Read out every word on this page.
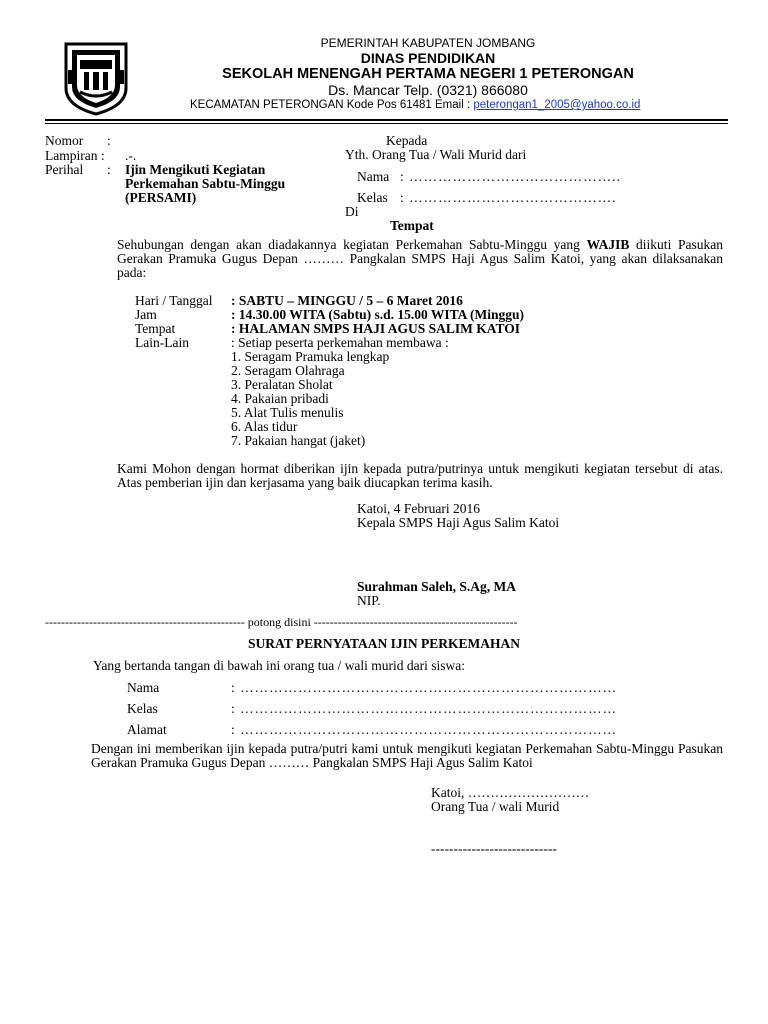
PEMERINTAH KABUPATEN JOMBANG
DINAS PENDIDIKAN
SEKOLAH MENENGAH PERTAMA NEGERI 1 PETERONGAN
Ds. Mancar Telp. (0321) 866080
KECAMATAN PETERONGAN Kode Pos 61481 Email : peterongan1_2005@yahoo.co.id
Nomor :
Lampiran : .-.
Perihal : Ijin Mengikuti Kegiatan
Perkemahan Sabtu-Minggu
(PERSAMI)
Kepada
Yth. Orang Tua / Wali Murid dari
Nama : ……………………………………..
Kelas : …………………………………….
Di
Tempat
Sehubungan dengan akan diadakannya kegiatan Perkemahan Sabtu-Minggu yang WAJIB diikuti Pasukan Gerakan Pramuka Gugus Depan ……… Pangkalan SMPS Haji Agus Salim Katoi, yang akan dilaksanakan pada:
Hari / Tanggal : SABTU – MINGGU / 5 – 6 Maret 2016
Jam	: 14.30.00 WITA (Sabtu) s.d. 15.00 WITA (Minggu)
Tempat	: HALAMAN SMPS HAJI AGUS SALIM KATOI
Lain-Lain	: Setiap peserta perkemahan membawa :
1. Seragam Pramuka lengkap
2. Seragam Olahraga
3. Peralatan Sholat
4. Pakaian pribadi
5. Alat Tulis menulis
6. Alas tidur
7. Pakaian hangat (jaket)
Kami Mohon dengan hormat diberikan ijin kepada putra/putrinya untuk mengikuti kegiatan tersebut di atas. Atas pemberian ijin dan kerjasama yang baik diucapkan terima kasih.
Katoi, 4 Februari 2016
Kepala SMPS Haji Agus Salim Katoi
Surahman Saleh, S.Ag, MA
NIP.
-------------------------------------------------- potong disini ---------------------------------------------------
SURAT PERNYATAAN IJIN PERKEMAHAN
Yang bertanda tangan di bawah ini orang tua / wali murid dari siswa:
Nama	: ……………………………………………………………………
Kelas	: ……………………………………………………………………
Alamat	: ……………………………………………………………………
Dengan ini memberikan ijin kepada putra/putri kami untuk mengikuti kegiatan Perkemahan Sabtu-Minggu Pasukan Gerakan Pramuka Gugus Depan ……… Pangkalan SMPS Haji Agus Salim Katoi
Katoi, ………………………
Orang Tua / wali Murid
----------------------------
